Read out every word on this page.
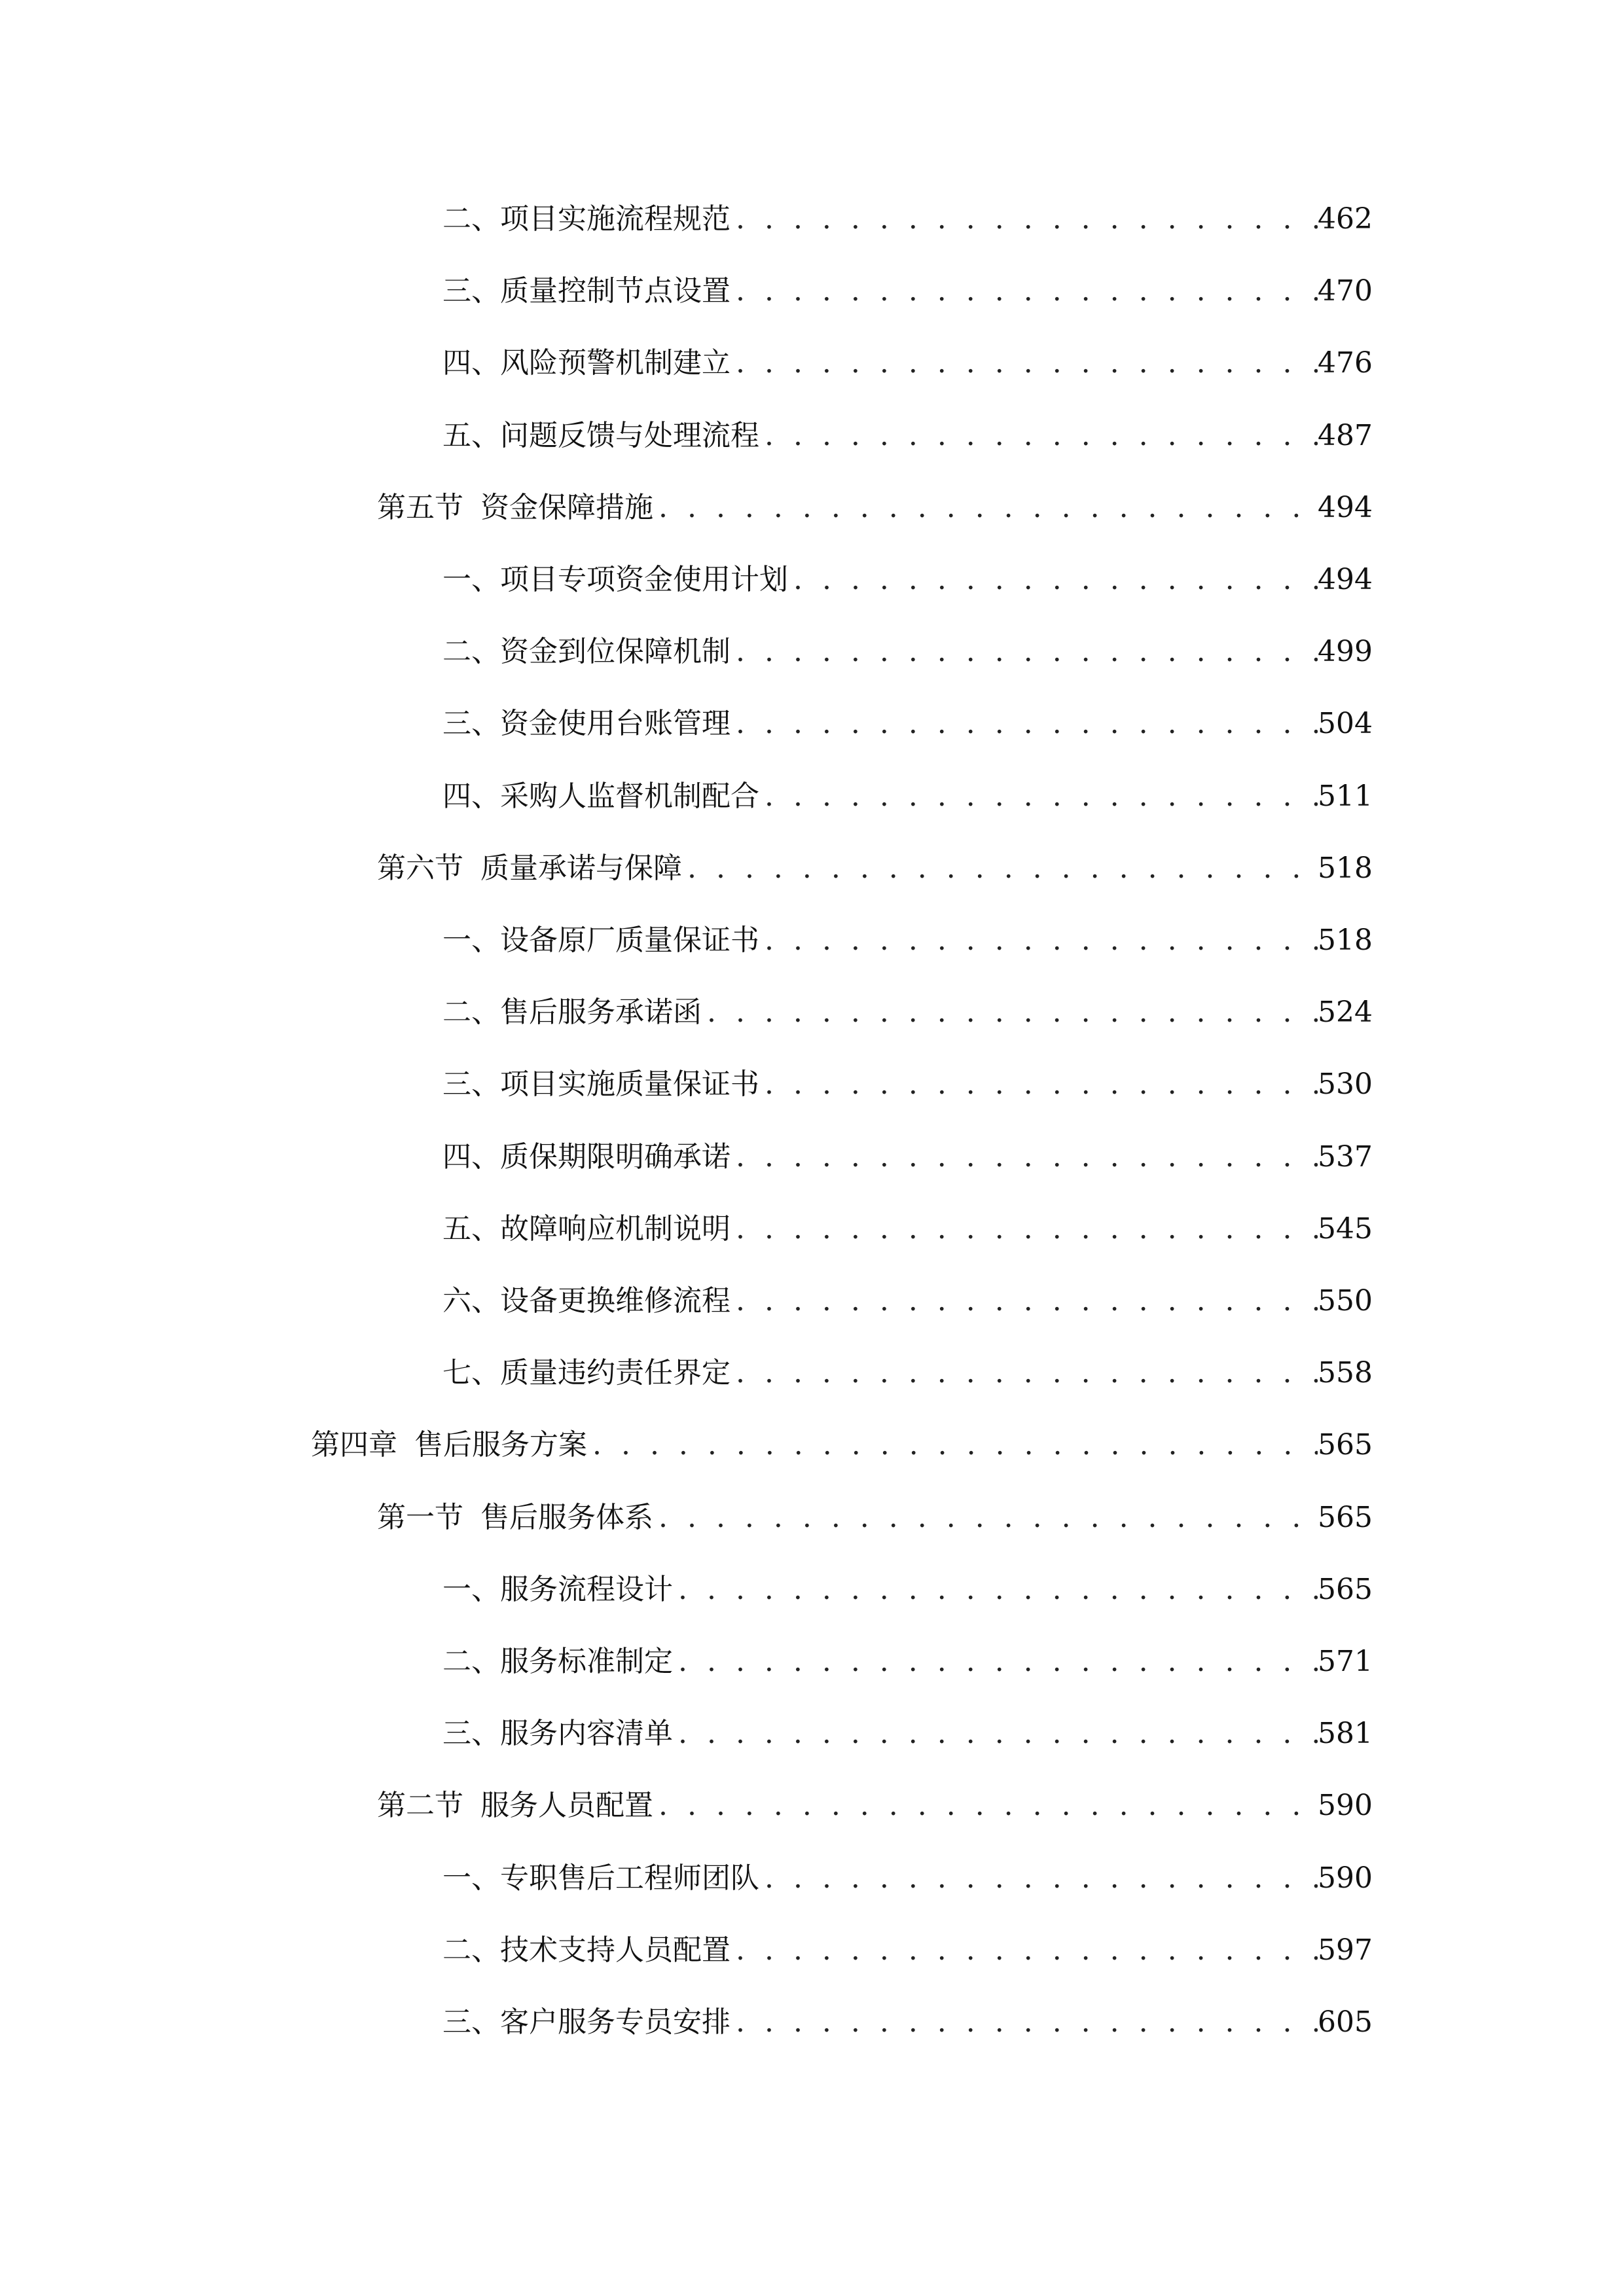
二、 项目实施流程规范 . . .	462
三、 质量控制节点设置 . . .	470
四、 风险预警机制建立 . . .	476
五、 问题反馈与处理流程 . . .	487
第五节 资金保障措施 . . .	494
一、 项目专项资金使用计划 . . .	494
二、 资金到位保障机制 . . .	499
三、 资金使用台账管理 . . .	504
四、 采购人监督机制配合 . . .	511
第六节 质量承诺与保障 . . .	518
一、 设备原厂质量保证书 . . .	518
二、 售后服务承诺函 . . .	524
三、 项目实施质量保证书 . . .	530
四、 质保期限明确承诺 . . .	537
五、 故障响应机制说明 . . .	545
六、 设备更换维修流程 . . .	550
七、 质量违约责任界定 . . .	558
第四章 售后服务方案 . . .	565
第一节 售后服务体系 . . .	565
一、 服务流程设计 . . .	565
二、 服务标准制定 . . .	571
三、 服务内容清单 . . .	581
第二节 服务人员配置 . . .	590
一、 专职售后工程师团队 . . .	590
二、 技术支持人员配置 . . .	597
三、 客户服务专员安排 . . .	605
